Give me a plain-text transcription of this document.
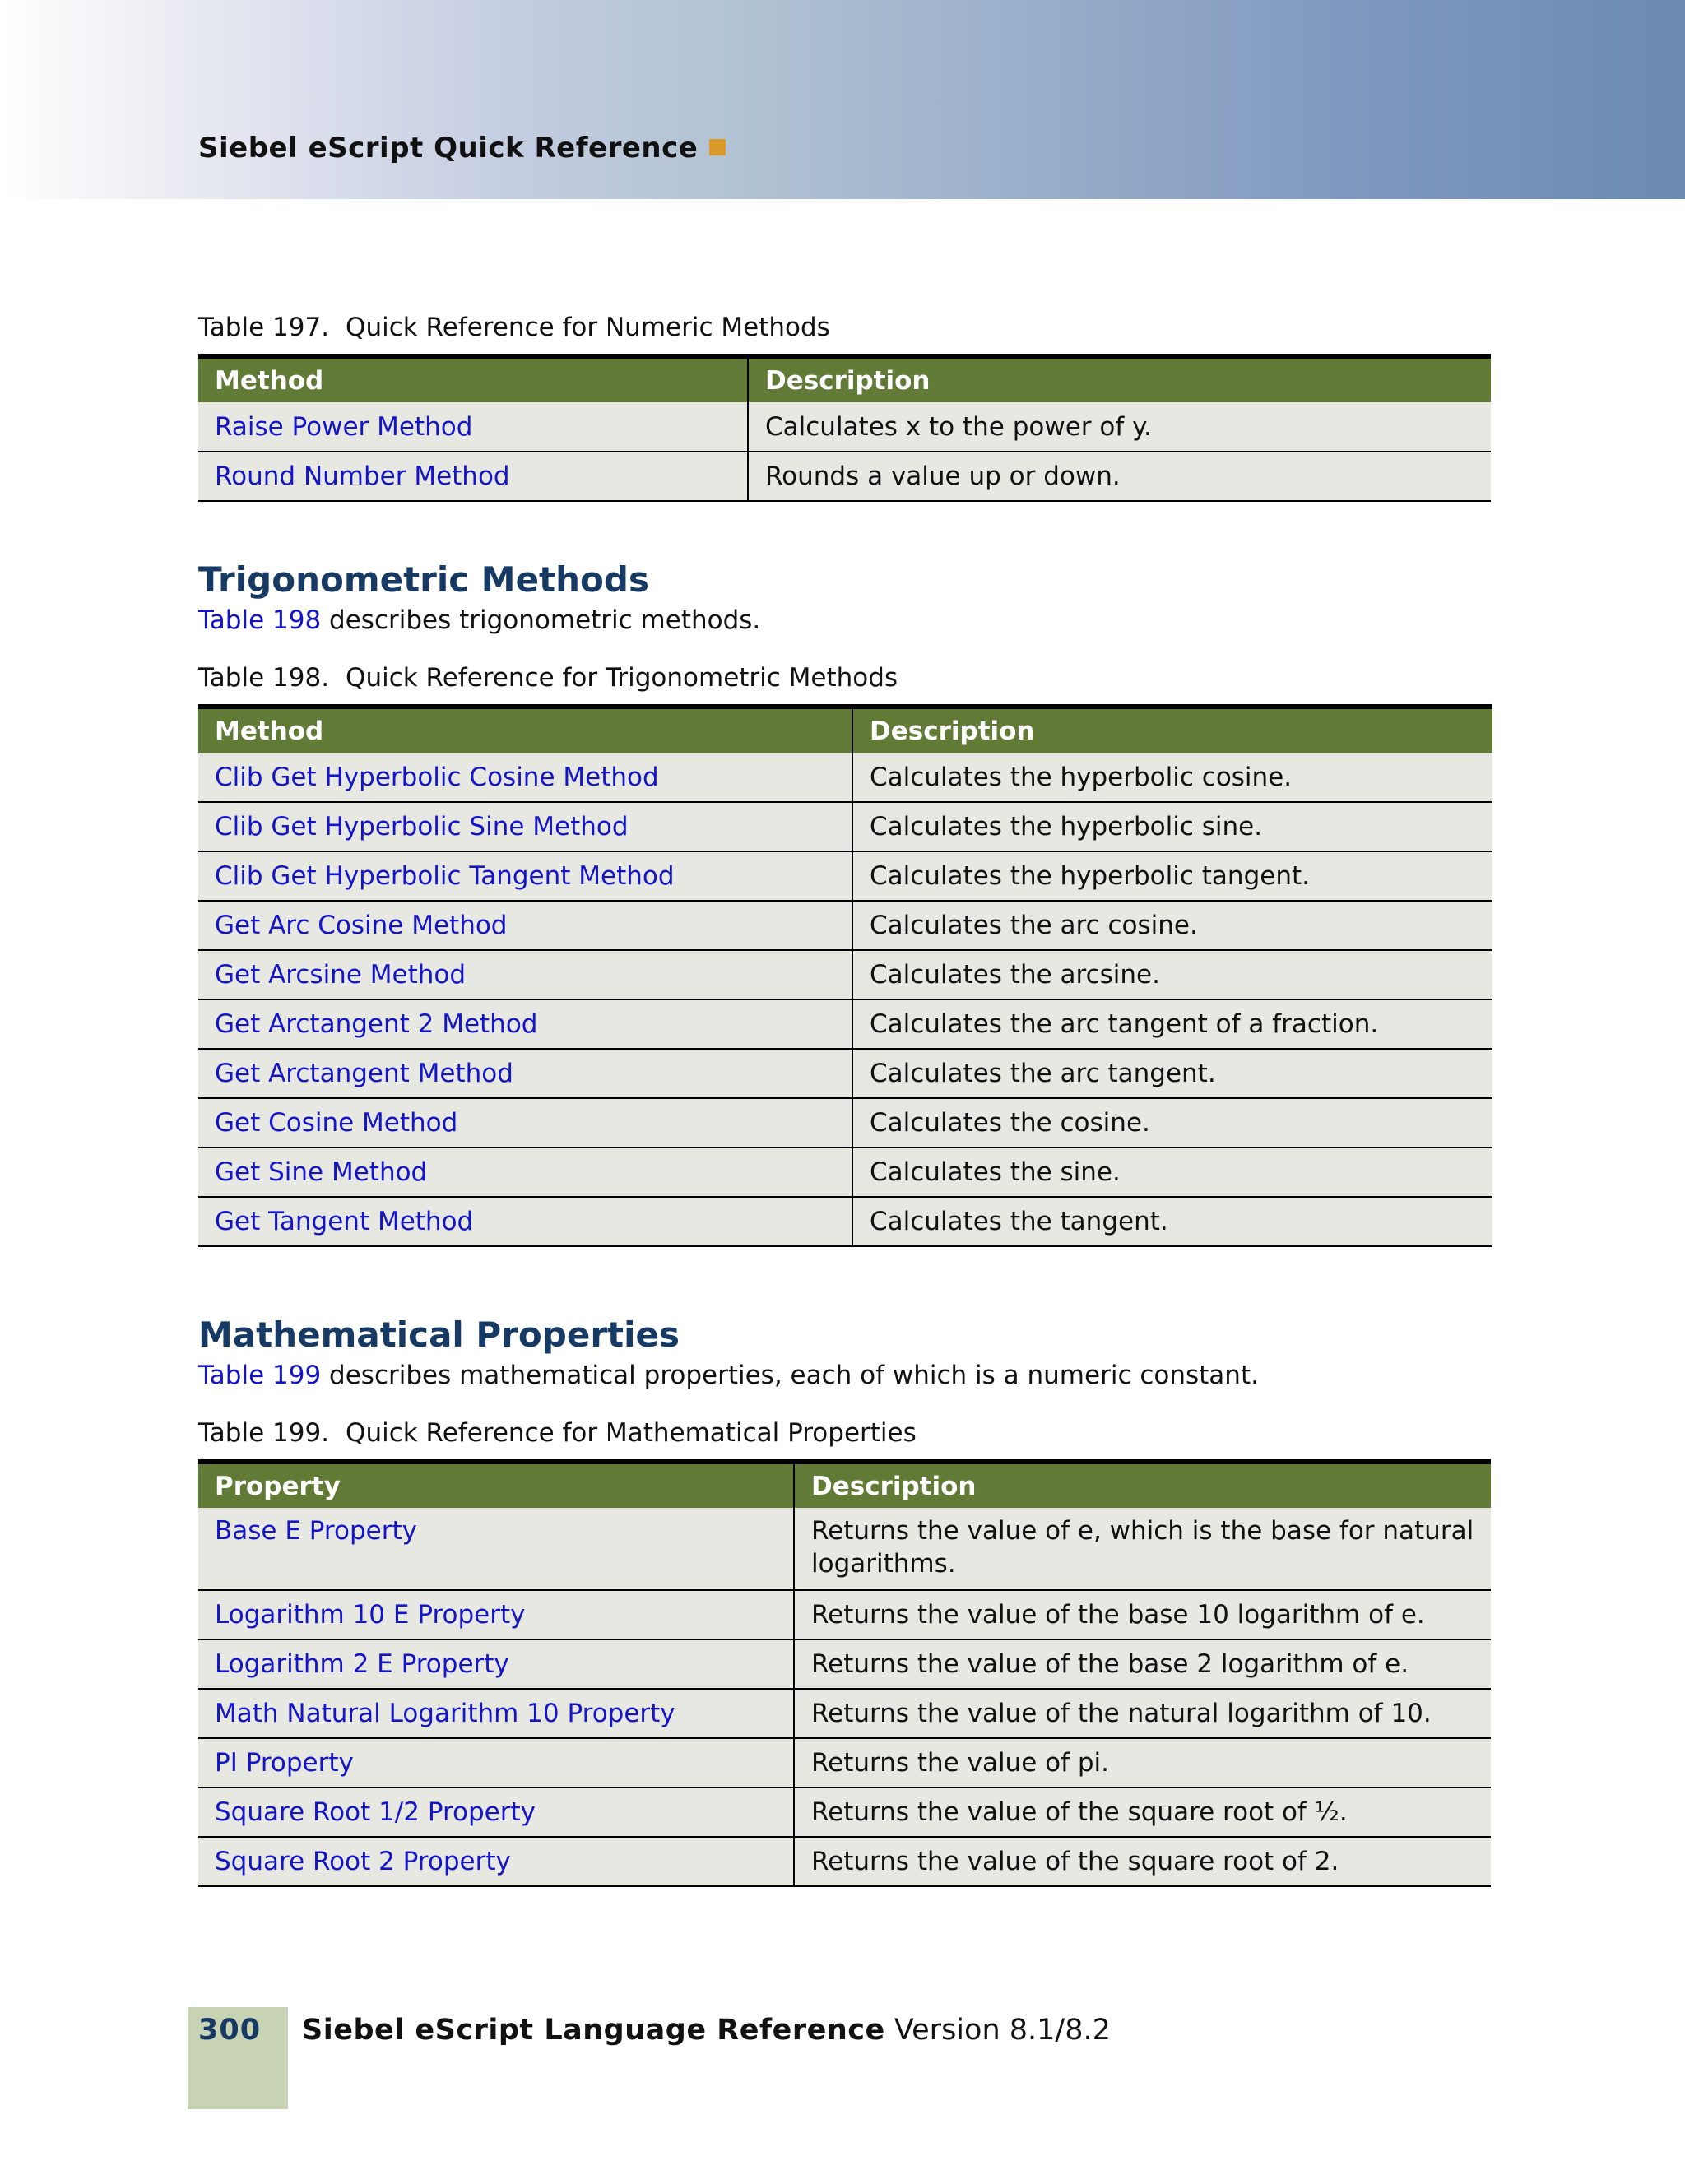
Siebel eScript Quick Reference
Table 197. Quick Reference for Numeric Methods
Method	Description
Raise Power Method	Calculates x to the power of y.
Round Number Method	Rounds a value up or down.
Trigonometric Methods
Table 198 describes trigonometric methods.
Table 198. Quick Reference for Trigonometric Methods
Method	Description
Clib Get Hyperbolic Cosine Method	Calculates the hyperbolic cosine.
Clib Get Hyperbolic Sine Method	Calculates the hyperbolic sine.
Clib Get Hyperbolic Tangent Method	Calculates the hyperbolic tangent.
Get Arc Cosine Method	Calculates the arc cosine.
Get Arcsine Method	Calculates the arcsine.
Get Arctangent 2 Method	Calculates the arc tangent of a fraction.
Get Arctangent Method	Calculates the arc tangent.
Get Cosine Method	Calculates the cosine.
Get Sine Method	Calculates the sine.
Get Tangent Method	Calculates the tangent.
Mathematical Properties
Table 199 describes mathematical properties, each of which is a numeric constant.
Table 199. Quick Reference for Mathematical Properties
Property	Description
Base E Property	Returns the value of e, which is the base for natural logarithms.
Logarithm 10 E Property	Returns the value of the base 10 logarithm of e.
Logarithm 2 E Property	Returns the value of the base 2 logarithm of e.
Math Natural Logarithm 10 Property	Returns the value of the natural logarithm of 10.
PI Property	Returns the value of pi.
Square Root 1/2 Property	Returns the value of the square root of ½.
Square Root 2 Property	Returns the value of the square root of 2.
300 Siebel eScript Language Reference Version 8.1/8.2
